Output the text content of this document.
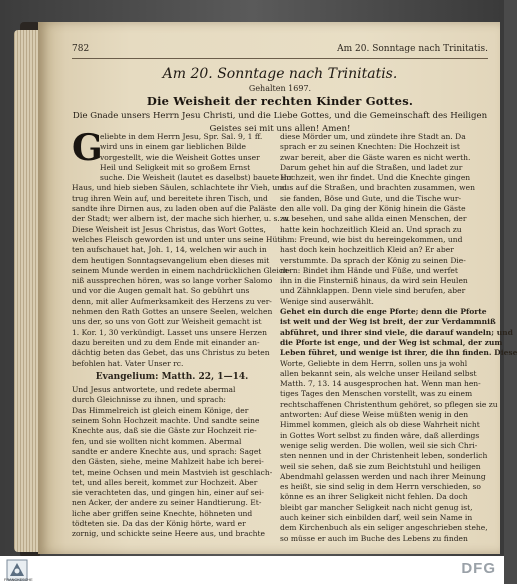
782	Am 20. Sonntage nach Trinitatis.
Am 20. Sonntage nach Trinitatis.
Gehalten 1697.
Die Weisheit der rechten Kinder Gottes.
Die Gnade unsers Herrn Jesu Christi, und die Liebe Gottes, und die Gemeinschaft des Heiligen
Geistes sei mit uns allen! Amen!
G
eliebte in dem Herrn Jesu, Spr. Sal. 9, 1 ff.
wird uns in einem gar lieblichen Bilde
vorgestellt, wie die Weisheit Gottes unser
Heil und Seligkeit mit so großem Ernst
suche. Die Weisheit (lautet es daselbst) bauete ihr
Haus, und hieb sieben Säulen, schlachtete ihr Vieh, und
trug ihren Wein auf, und bereitete ihren Tisch, und
sandte ihre Dirnen aus, zu laden oben auf die Paläste
der Stadt; wer albern ist, der mache sich hierher, u. s. w.
Diese Weisheit ist Jesus Christus, das Wort Gottes,
welches Fleisch geworden ist und unter uns seine Hüt-
ten aufschauet hat, Joh. 1, 14, welchen wir auch in
dem heutigen Sonntagsevangelium eben dieses mit
seinem Munde werden in einem nachdrücklichen Gleich-
niß aussprechen hören, was so lange vorher Salomo
und vor die Augen gemalt hat. So gebührt uns
denn, mit aller Aufmerksamkeit des Herzens zu ver-
nehmen den Rath Gottes an unsere Seelen, welchen
uns der, so uns von Gott zur Weisheit gemacht ist
1. Kor. 1, 30 verkündigt. Lasset uns unsere Herzen
dazu bereiten und zu dem Ende mit einander an-
dächtig beten das Gebet, das uns Christus zu beten
befohlen hat. Vater Unser rc.
Evangelium: Matth. 22, 1—14.
Und Jesus antwortete, und redete abermal
durch Gleichnisse zu ihnen, und sprach:
Das Himmelreich ist gleich einem Könige, der
seinem Sohn Hochzeit machte. Und sandte seine
Knechte aus, daß sie die Gäste zur Hochzeit rie-
fen, und sie wollten nicht kommen. Abermal
sandte er andere Knechte aus, und sprach: Saget
den Gästen, siehe, meine Mahlzeit habe ich berei-
tet, meine Ochsen und mein Mastvieh ist geschlach-
tet, und alles bereit, kommet zur Hochzeit. Aber
sie verachteten das, und gingen hin, einer auf sei-
nen Acker, der andere zu seiner Handtierung. Et-
liche aber griffen seine Knechte, höhneten und
tödteten sie. Da das der König hörte, ward er
zornig, und schickte seine Heere aus, und brachte
diese Mörder um, und zündete ihre Stadt an. Da
sprach er zu seinen Knechten: Die Hochzeit ist
zwar bereit, aber die Gäste waren es nicht werth.
Darum gehet hin auf die Straßen, und ladet zur
Hochzeit, wen ihr findet. Und die Knechte gingen
aus auf die Straßen, und brachten zusammen, wen
sie fanden, Böse und Gute, und die Tische wur-
den alle voll. Da ging der König hinein die Gäste
zu besehen, und sahe allda einen Menschen, der
hatte kein hochzeitlich Kleid an. Und sprach zu
ihm: Freund, wie bist du hereingekommen, und
hast doch kein hochzeitlich Kleid an? Er aber
verstummte. Da sprach der König zu seinen Die-
nern: Bindet ihm Hände und Füße, und werfet
ihn in die Finsterniß hinaus, da wird sein Heulen
und Zähnklappen. Denn viele sind berufen, aber
Wenige sind auserwählt.
Gehet ein durch die enge Pforte; denn die Pforte
ist weit und der Weg ist breit, der zur Verdammniß
abführet, und ihrer sind viele, die darauf wandeln; und
die Pforte ist enge, und der Weg ist schmal, der zum
Leben führet, und wenige ist ihrer, die ihn finden. Diese
Worte, Geliebte in dem Herrn, sollen uns ja wohl
allen bekannt sein, als welche unser Heiland selbst
Matth. 7, 13. 14 ausgesprochen hat. Wenn man hen-
tiges Tages den Menschen vorstellt, was zu einem
rechtschaffenen Christenthum gehöret, so pflegen sie zu
antworten: Auf diese Weise müßten wenig in den
Himmel kommen, gleich als ob diese Wahrheit nicht
in Gottes Wort selbst zu finden wäre, daß allerdings
wenige selig werden. Die wollen, weil sie sich Chri-
sten nennen und in der Christenheit leben, sonderlich
weil sie sehen, daß sie zum Beichtstuhl und heiligen
Abendmahl gelassen werden und nach ihrer Meinung
es heißt, sie sind selig in dem Herrn verschieden, so
könne es an ihrer Seligkeit nicht fehlen. Da doch
bleibt gar mancher Seligkeit nach nicht genug ist,
auch keiner sich einbilden darf, weil sein Name in
dem Kirchenbuch als ein seliger angeschrieben stehe,
so müsse er auch im Buche des Lebens zu finden
FRANCKESCHE
DFG
